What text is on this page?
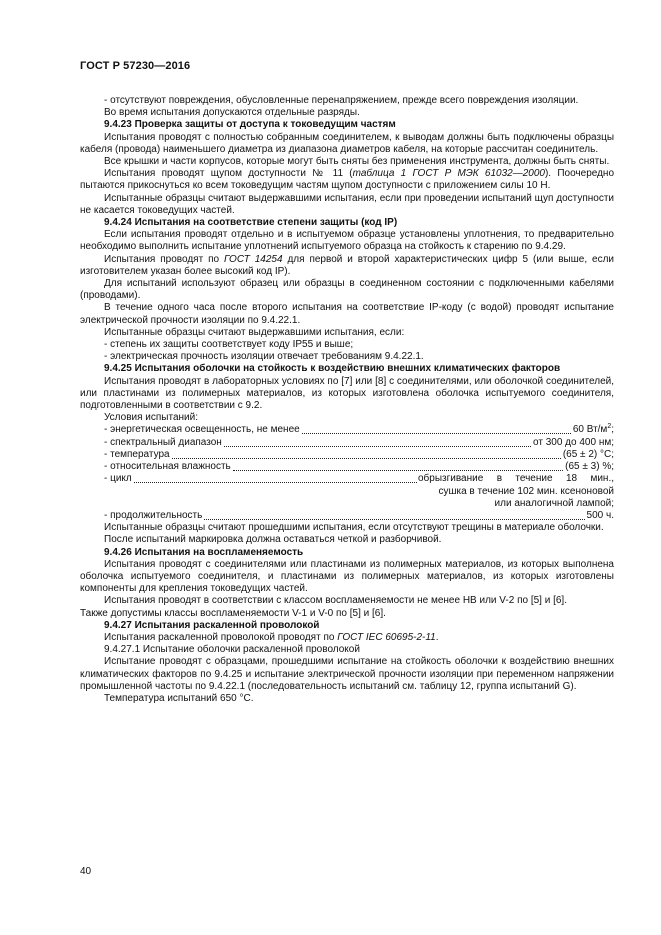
ГОСТ Р 57230—2016

- отсутствуют повреждения, обусловленные перенапряжением, прежде всего повреждения изоляции.

Во время испытания допускаются отдельные разряды.

9.4.23 Проверка защиты от доступа к токоведущим частям

Испытания проводят с полностью собранным соединителем, к выводам должны быть подключены образцы кабеля (провода) наименьшего диаметра из диапазона диаметров кабеля, на которые рассчитан соединитель.

Все крышки и части корпусов, которые могут быть сняты без применения инструмента, должны быть сняты.

Испытания проводят щупом доступности № 11 (таблица 1 ГОСТ Р МЭК 61032—2000). Поочередно пытаются прикоснуться ко всем токоведущим частям щупом доступности с приложением силы 10 Н.

Испытанные образцы считают выдержавшими испытания, если при проведении испытаний щуп доступности не касается токоведущих частей.

9.4.24 Испытания на соответствие степени защиты (код IP)

Если испытания проводят отдельно и в испытуемом образце установлены уплотнения, то предварительно необходимо выполнить испытание уплотнений испытуемого образца на стойкость к старению по 9.4.29.

Испытания проводят по ГОСТ 14254 для первой и второй характеристических цифр 5 (или выше, если изготовителем указан более высокий код IP).

Для испытаний используют образец или образцы в соединенном состоянии с подключенными кабелями (проводами).

В течение одного часа после второго испытания на соответствие IP-коду (с водой) проводят испытание электрической прочности изоляции по 9.4.22.1.

Испытанные образцы считают выдержавшими испытания, если:

- степень их защиты соответствует коду IP55 и выше;

- электрическая прочность изоляции отвечает требованиям 9.4.22.1.

9.4.25 Испытания оболочки на стойкость к воздействию внешних климатических факторов

Испытания проводят в лабораторных условиях по [7] или [8] с соединителями, или оболочкой соединителей, или пластинами из полимерных материалов, из которых изготовлена оболочка испытуемого соединителя, подготовленными в соответствии с 9.2.

Условия испытаний:

- энергетическая освещенность, не менее	60 $Вт/м^2$;
- спектральный диапазон	от 300 до 400 нм;
- температура	(65 ± 2) °С;
- относительная влажность	(65 ± 3) %;
- цикл	обрызгивание в течение 18 мин.,
сушка в течение 102 мин. ксеноновой
или аналогичной лампой;
- продолжительность	500 ч.

Испытанные образцы считают прошедшими испытания, если отсутствуют трещины в материале оболочки.

После испытаний маркировка должна оставаться четкой и разборчивой.

9.4.26 Испытания на воспламеняемость

Испытания проводят с соединителями или пластинами из полимерных материалов, из которых выполнена оболочка испытуемого соединителя, и пластинами из полимерных материалов, из которых изготовлены компоненты для крепления токоведущих частей.

Испытания проводят в соответствии с классом воспламеняемости не менее HB или V-2 по [5] и [6].

Также допустимы классы воспламеняемости V-1 и V-0 по [5] и [6].

9.4.27 Испытания раскаленной проволокой

Испытания раскаленной проволокой проводят по ГОСТ IEC 60695-2-11.

9.4.27.1 Испытание оболочки раскаленной проволокой

Испытание проводят с образцами, прошедшими испытание на стойкость оболочки к воздействию внешних климатических факторов по 9.4.25 и испытание электрической прочности изоляции при переменном напряжении промышленной частоты по 9.4.22.1 (последовательность испытаний см. таблицу 12, группа испытаний G).

Температура испытаний 650 °С.

40
